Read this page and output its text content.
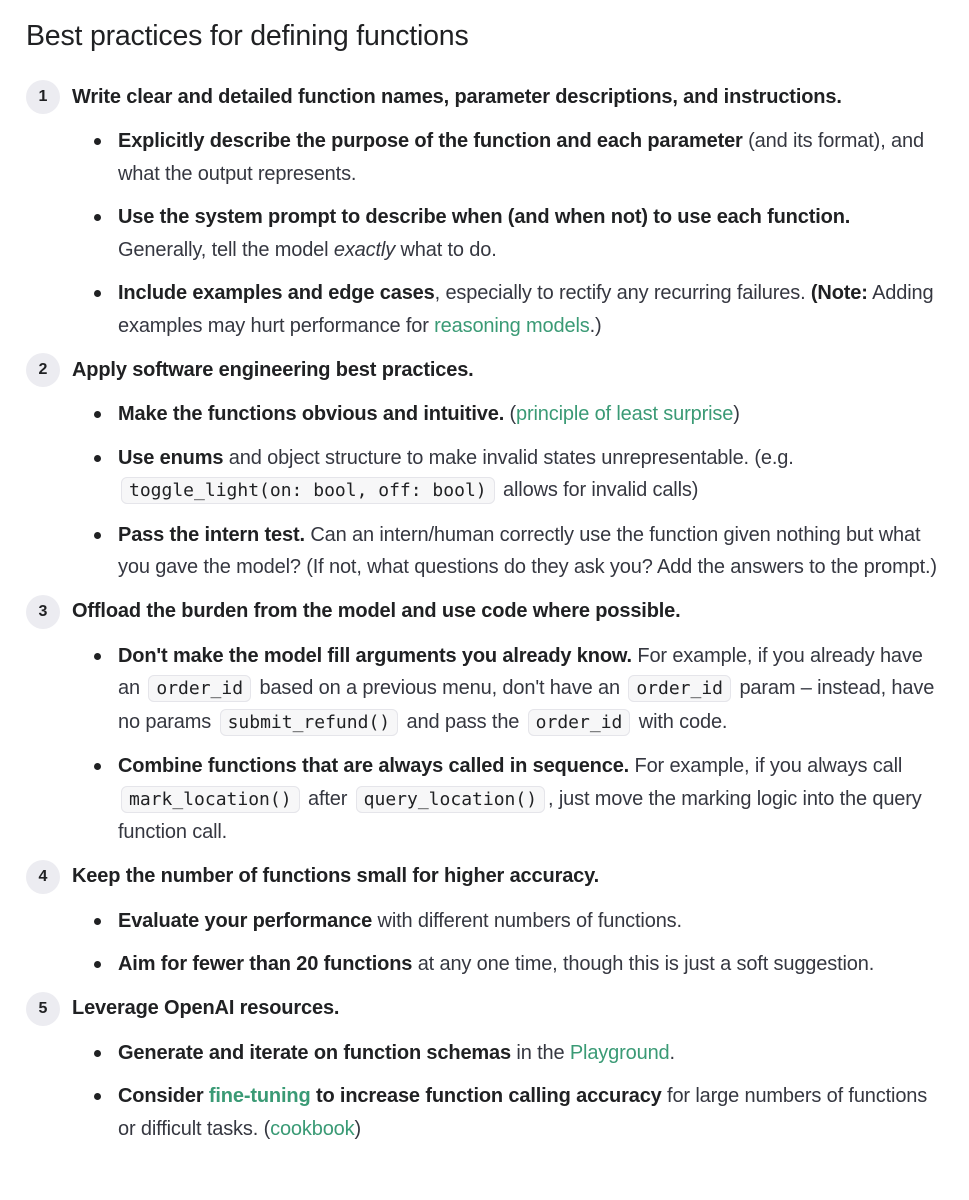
Best practices for defining functions
1	Write clear and detailed function names, parameter descriptions, and instructions.
Explicitly describe the purpose of the function and each parameter (and its format), and what the output represents.
Use the system prompt to describe when (and when not) to use each function. Generally, tell the model exactly what to do.
Include examples and edge cases, especially to rectify any recurring failures. (Note: Adding examples may hurt performance for reasoning models.)
2	Apply software engineering best practices.
Make the functions obvious and intuitive. (principle of least surprise)
Use enums and object structure to make invalid states unrepresentable. (e.g. toggle_light(on: bool, off: bool) allows for invalid calls)
Pass the intern test. Can an intern/human correctly use the function given nothing but what you gave the model? (If not, what questions do they ask you? Add the answers to the prompt.)
3	Offload the burden from the model and use code where possible.
Don't make the model fill arguments you already know. For example, if you already have an order_id based on a previous menu, don't have an order_id param – instead, have no params submit_refund() and pass the order_id with code.
Combine functions that are always called in sequence. For example, if you always call mark_location() after query_location() , just move the marking logic into the query function call.
4	Keep the number of functions small for higher accuracy.
Evaluate your performance with different numbers of functions.
Aim for fewer than 20 functions at any one time, though this is just a soft suggestion.
5	Leverage OpenAI resources.
Generate and iterate on function schemas in the Playground.
Consider fine-tuning to increase function calling accuracy for large numbers of functions or difficult tasks. (cookbook)
